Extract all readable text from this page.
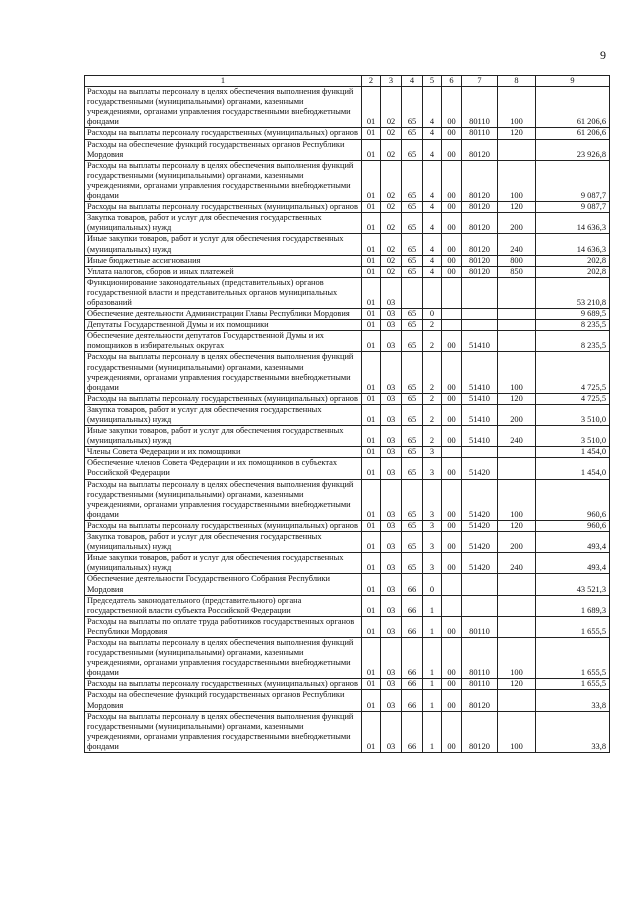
9
1	2	3	4	5	6	7	8	9
Расходы на выплаты персоналу в целях обеспечения выполнения функций государственными (муниципальными) органами, казенными учреждениями, органами управления государственными внебюджетными фондами	01	02	65	4	00	80110	100	61 206,6
Расходы на выплаты персоналу государственных (муниципальных) органов	01	02	65	4	00	80110	120	61 206,6
Расходы на обеспечение функций государственных органов Республики Мордовия	01	02	65	4	00	80120		23 926,8
Расходы на выплаты персоналу в целях обеспечения выполнения функций государственными (муниципальными) органами, казенными учреждениями, органами управления государственными внебюджетными фондами	01	02	65	4	00	80120	100	9 087,7
Расходы на выплаты персоналу государственных (муниципальных) органов	01	02	65	4	00	80120	120	9 087,7
Закупка товаров, работ и услуг для обеспечения государственных (муниципальных) нужд	01	02	65	4	00	80120	200	14 636,3
Иные закупки товаров, работ и услуг для обеспечения государственных (муниципальных) нужд	01	02	65	4	00	80120	240	14 636,3
Иные бюджетные ассигнования	01	02	65	4	00	80120	800	202,8
Уплата налогов, сборов и иных платежей	01	02	65	4	00	80120	850	202,8
Функционирование законодательных (представительных) органов государственной власти и представительных органов муниципальных образований	01	03						53 210,8
Обеспечение деятельности Администрации Главы Республики Мордовия	01	03	65	0				9 689,5
Депутаты Государственной Думы и их помощники	01	03	65	2				8 235,5
Обеспечение деятельности депутатов Государственной Думы и их помощников в избирательных округах	01	03	65	2	00	51410		8 235,5
Расходы на выплаты персоналу в целях обеспечения выполнения функций государственными (муниципальными) органами, казенными учреждениями, органами управления государственными внебюджетными фондами	01	03	65	2	00	51410	100	4 725,5
Расходы на выплаты персоналу государственных (муниципальных) органов	01	03	65	2	00	51410	120	4 725,5
Закупка товаров, работ и услуг для обеспечения государственных (муниципальных) нужд	01	03	65	2	00	51410	200	3 510,0
Иные закупки товаров, работ и услуг для обеспечения государственных (муниципальных) нужд	01	03	65	2	00	51410	240	3 510,0
Члены Совета Федерации и их помощники	01	03	65	3				1 454,0
Обеспечение членов Совета Федерации и их помощников в субъектах Российской Федерации	01	03	65	3	00	51420		1 454,0
Расходы на выплаты персоналу в целях обеспечения выполнения функций государственными (муниципальными) органами, казенными учреждениями, органами управления государственными внебюджетными фондами	01	03	65	3	00	51420	100	960,6
Расходы на выплаты персоналу государственных (муниципальных) органов	01	03	65	3	00	51420	120	960,6
Закупка товаров, работ и услуг для обеспечения государственных (муниципальных) нужд	01	03	65	3	00	51420	200	493,4
Иные закупки товаров, работ и услуг для обеспечения государственных (муниципальных) нужд	01	03	65	3	00	51420	240	493,4
Обеспечение деятельности Государственного Собрания Республики Мордовия	01	03	66	0				43 521,3
Председатель законодательного (представительного) органа государственной власти субъекта Российской Федерации	01	03	66	1				1 689,3
Расходы на выплаты по оплате труда работников государственных органов Республики Мордовия	01	03	66	1	00	80110		1 655,5
Расходы на выплаты персоналу в целях обеспечения выполнения функций государственными (муниципальными) органами, казенными учреждениями, органами управления государственными внебюджетными фондами	01	03	66	1	00	80110	100	1 655,5
Расходы на выплаты персоналу государственных (муниципальных) органов	01	03	66	1	00	80110	120	1 655,5
Расходы на обеспечение функций государственных органов Республики Мордовия	01	03	66	1	00	80120		33,8
Расходы на выплаты персоналу в целях обеспечения выполнения функций государственными (муниципальными) органами, казенными учреждениями, органами управления государственными внебюджетными фондами	01	03	66	1	00	80120	100	33,8
